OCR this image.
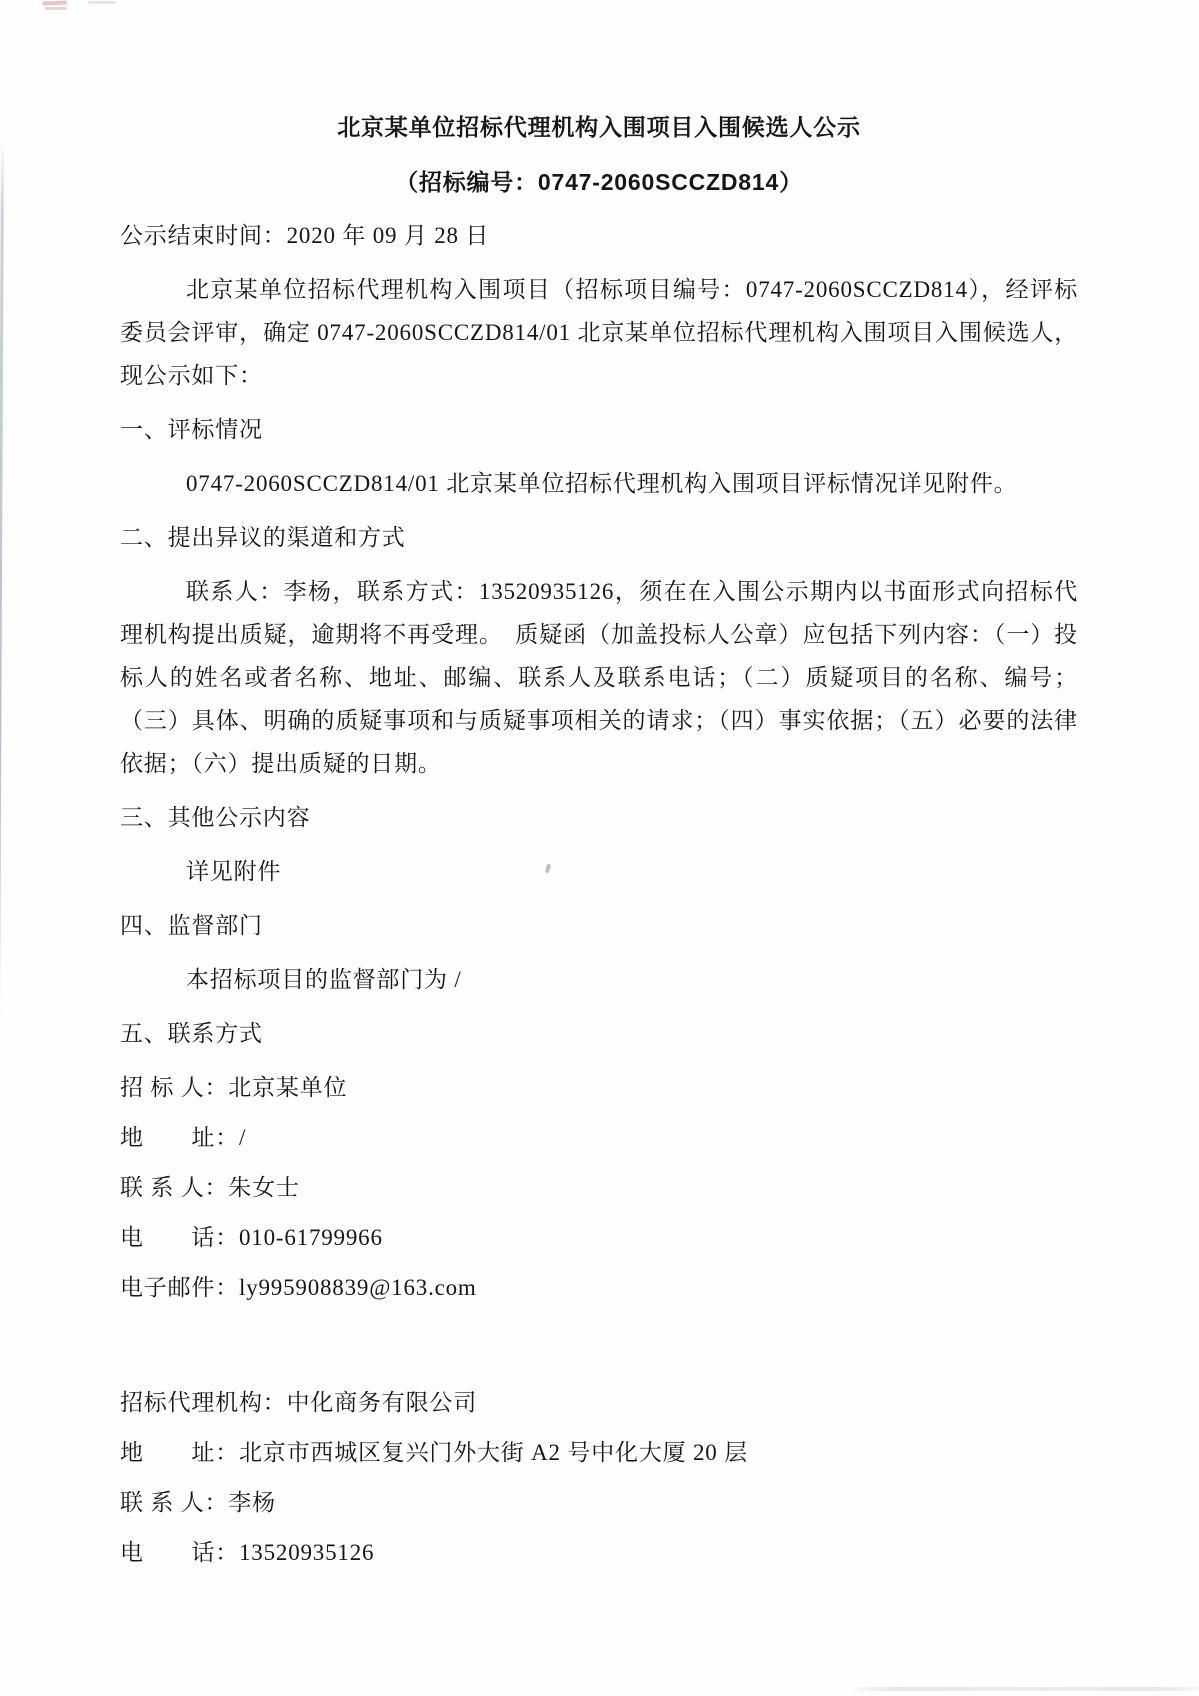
北京某单位招标代理机构入围项目入围候选人公示

（招标编号：0747-2060SCCZD814）

公示结束时间：2020 年 09 月 28 日

北京某单位招标代理机构入围项目（招标项目编号：0747-2060SCCZD814），经评标委员会评审，确定 0747-2060SCCZD814/01 北京某单位招标代理机构入围项目入围候选人，现公示如下：

一、评标情况

0747-2060SCCZD814/01 北京某单位招标代理机构入围项目评标情况详见附件。

二、提出异议的渠道和方式

联系人：李杨，联系方式：13520935126，须在在入围公示期内以书面形式向招标代理机构提出质疑，逾期将不再受理。　质疑函（加盖投标人公章）应包括下列内容：（一）投标人的姓名或者名称、地址、邮编、联系人及联系电话；（二）质疑项目的名称、编号；（三）具体、明确的质疑事项和与质疑事项相关的请求；（四）事实依据；（五）必要的法律依据；（六）提出质疑的日期。

三、其他公示内容

详见附件

四、监督部门

本招标项目的监督部门为 /

五、联系方式

招 标 人：北京某单位

地　　址：/

联 系 人：朱女士

电　　话：010-61799966

电子邮件：ly995908839@163.com

招标代理机构：中化商务有限公司

地　　址：北京市西城区复兴门外大街 A2 号中化大厦 20 层

联 系 人：李杨

电　　话：13520935126
